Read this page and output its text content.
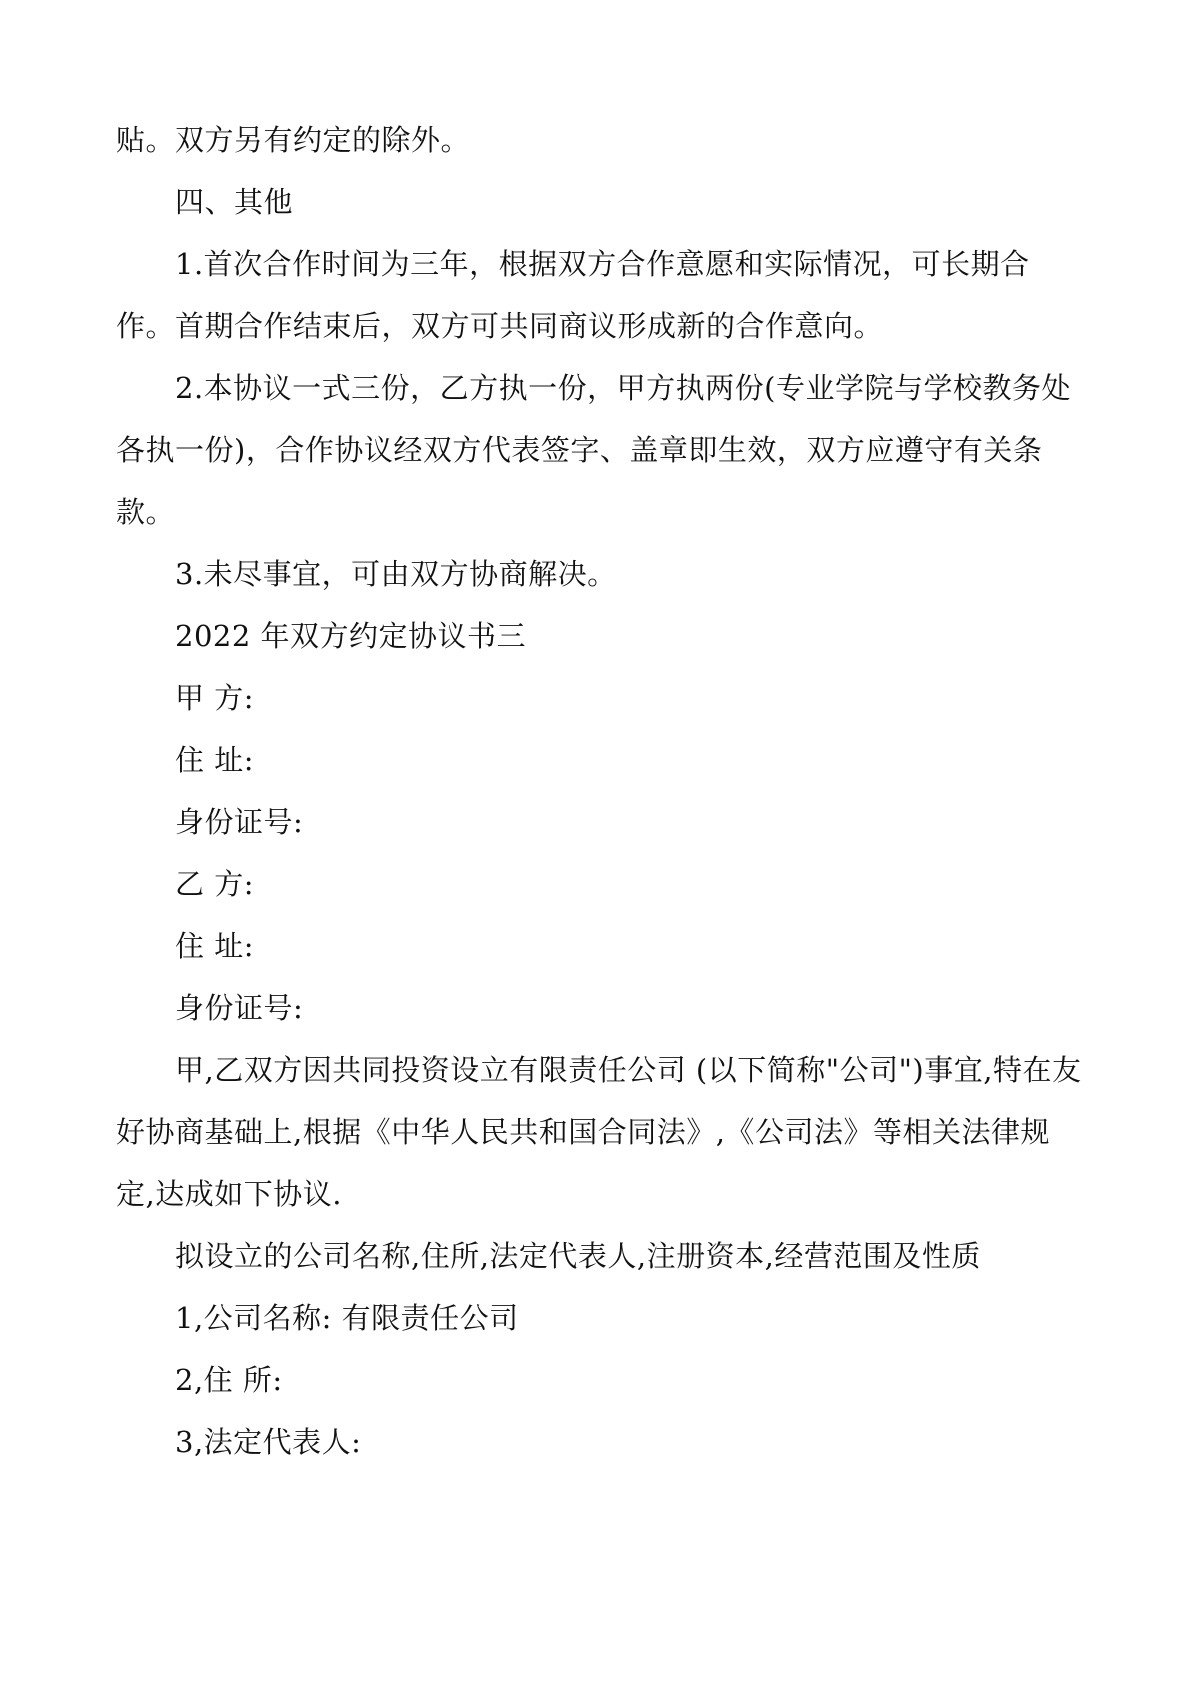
贴。双方另有约定的除外。
四、其他
1.首次合作时间为三年，根据双方合作意愿和实际情况，可长期合
作。首期合作结束后，双方可共同商议形成新的合作意向。
2.本协议一式三份，乙方执一份，甲方执两份(专业学院与学校教务处
各执一份)，合作协议经双方代表签字、盖章即生效，双方应遵守有关条
款。
3.未尽事宜，可由双方协商解决。
2022 年双方约定协议书三
甲 方:
住 址:
身份证号:
乙 方:
住 址:
身份证号:
甲,乙双方因共同投资设立有限责任公司 (以下简称"公司")事宜,特在友
好协商基础上,根据《中华人民共和国合同法》,《公司法》等相关法律规
定,达成如下协议.
拟设立的公司名称,住所,法定代表人,注册资本,经营范围及性质
1,公司名称: 有限责任公司
2,住 所:
3,法定代表人:
